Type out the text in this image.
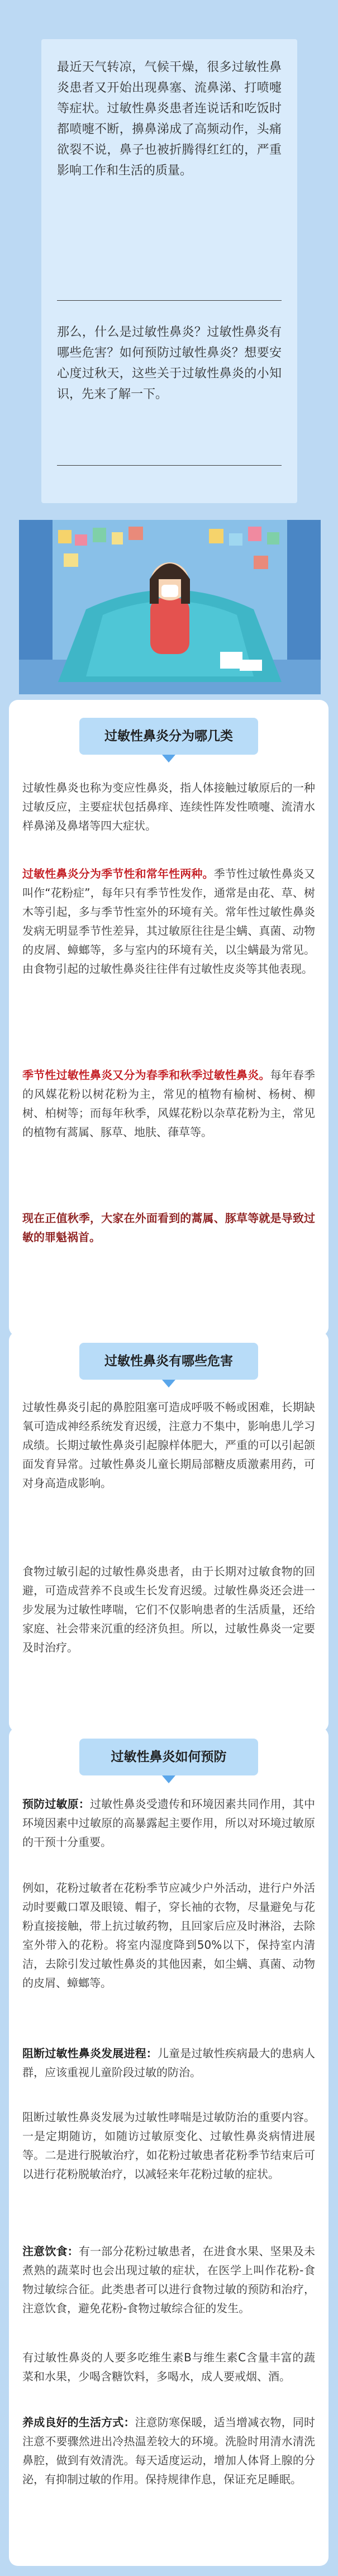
最近天气转凉，气候干燥，很多过敏性鼻炎患者又开始出现鼻塞、流鼻涕、打喷嚏等症状。过敏性鼻炎患者连说话和吃饭时都喷嚏不断，擤鼻涕成了高频动作，头痛欲裂不说，鼻子也被折腾得红红的，严重影响工作和生活的质量。

那么，什么是过敏性鼻炎？过敏性鼻炎有哪些危害？如何预防过敏性鼻炎？想要安心度过秋天，这些关于过敏性鼻炎的小知识，先来了解一下。

过敏性鼻炎分为哪几类

过敏性鼻炎也称为变应性鼻炎，指人体接触过敏原后的一种过敏反应，主要症状包括鼻痒、连续性阵发性喷嚏、流清水样鼻涕及鼻堵等四大症状。

过敏性鼻炎分为季节性和常年性两种。季节性过敏性鼻炎又叫作“花粉症”，每年只有季节性发作，通常是由花、草、树木等引起，多与季节性室外的环境有关。常年性过敏性鼻炎发病无明显季节性差异，其过敏原往往是尘螨、真菌、动物的皮屑、蟑螂等，多与室内的环境有关，以尘螨最为常见。由食物引起的过敏性鼻炎往往伴有过敏性皮炎等其他表现。

季节性过敏性鼻炎又分为春季和秋季过敏性鼻炎。每年春季的风媒花粉以树花粉为主，常见的植物有榆树、杨树、柳树、柏树等；而每年秋季，风媒花粉以杂草花粉为主，常见的植物有蒿属、豚草、地肤、葎草等。

现在正值秋季，大家在外面看到的蒿属、豚草等就是导致过敏的罪魁祸首。

过敏性鼻炎有哪些危害

过敏性鼻炎引起的鼻腔阻塞可造成呼吸不畅或困难，长期缺氧可造成神经系统发育迟缓，注意力不集中，影响患儿学习成绩。长期过敏性鼻炎引起腺样体肥大，严重的可以引起颌面发育异常。过敏性鼻炎儿童长期局部糖皮质激素用药，可对身高造成影响。

食物过敏引起的过敏性鼻炎患者，由于长期对过敏食物的回避，可造成营养不良或生长发育迟缓。过敏性鼻炎还会进一步发展为过敏性哮喘，它们不仅影响患者的生活质量，还给家庭、社会带来沉重的经济负担。所以，过敏性鼻炎一定要及时治疗。

过敏性鼻炎如何预防

预防过敏原：过敏性鼻炎受遗传和环境因素共同作用，其中环境因素中过敏原的高暴露起主要作用，所以对环境过敏原的干预十分重要。

例如，花粉过敏者在花粉季节应减少户外活动，进行户外活动时要戴口罩及眼镜、帽子，穿长袖的衣物，尽量避免与花粉直接接触，带上抗过敏药物，且回家后应及时淋浴，去除室外带入的花粉。将室内湿度降到50%以下，保持室内清洁，去除引发过敏性鼻炎的其他因素，如尘螨、真菌、动物的皮屑、蟑螂等。

阻断过敏性鼻炎发展进程：儿童是过敏性疾病最大的患病人群，应该重视儿童阶段过敏的防治。

阻断过敏性鼻炎发展为过敏性哮喘是过敏防治的重要内容。一是定期随访，如随访过敏原变化、过敏性鼻炎病情进展等。二是进行脱敏治疗，如花粉过敏患者花粉季节结束后可以进行花粉脱敏治疗，以减轻来年花粉过敏的症状。

注意饮食：有一部分花粉过敏患者，在进食水果、坚果及未煮熟的蔬菜时也会出现过敏的症状，在医学上叫作花粉-食物过敏综合征。此类患者可以进行食物过敏的预防和治疗，注意饮食，避免花粉-食物过敏综合征的发生。

有过敏性鼻炎的人要多吃维生素B与维生素C含量丰富的蔬菜和水果，少喝含糖饮料，多喝水，成人要戒烟、酒。

养成良好的生活方式：注意防寒保暖，适当增减衣物，同时注意不要骤然进出冷热温差较大的环境。洗脸时用清水清洗鼻腔，做到有效清洗。每天适度运动，增加人体肾上腺的分泌，有抑制过敏的作用。保持规律作息，保证充足睡眠。
